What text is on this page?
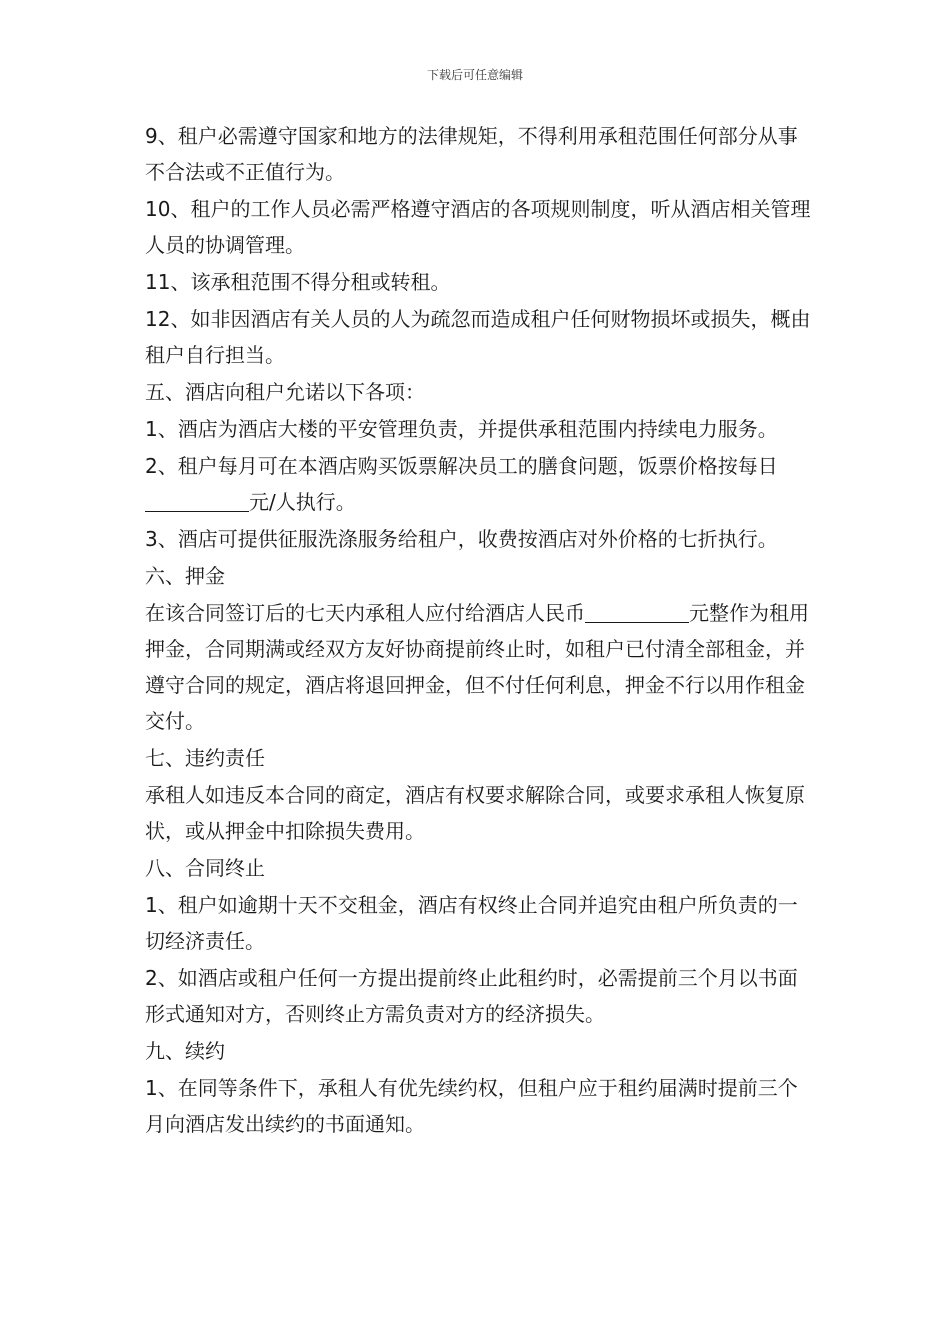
下载后可任意编辑

9、租户必需遵守国家和地方的法律规矩，不得利用承租范围任何部分从事不合法或不正值行为。

10、租户的工作人员必需严格遵守酒店的各项规则制度，听从酒店相关管理人员的协调管理。

11、该承租范围不得分租或转租。

12、如非因酒店有关人员的人为疏忽而造成租户任何财物损坏或损失，概由租户自行担当。

五、酒店向租户允诺以下各项：

1、酒店为酒店大楼的平安管理负责，并提供承租范围内持续电力服务。

2、租户每月可在本酒店购买饭票解决员工的膳食问题，饭票价格按每日元/人执行。

3、酒店可提供征服洗涤服务给租户，收费按酒店对外价格的七折执行。

六、押金

在该合同签订后的七天内承租人应付给酒店人民币	元整作为租用押金，合同期满或经双方友好协商提前终止时，如租户已付清全部租金，并遵守合同的规定，酒店将退回押金，但不付任何利息，押金不行以用作租金交付。

七、违约责任

承租人如违反本合同的商定，酒店有权要求解除合同，或要求承租人恢复原状，或从押金中扣除损失费用。

八、合同终止

1、租户如逾期十天不交租金，酒店有权终止合同并追究由租户所负责的一切经济责任。

2、如酒店或租户任何一方提出提前终止此租约时，必需提前三个月以书面形式通知对方，否则终止方需负责对方的经济损失。

九、续约

1、在同等条件下，承租人有优先续约权，但租户应于租约届满时提前三个月向酒店发出续约的书面通知。
